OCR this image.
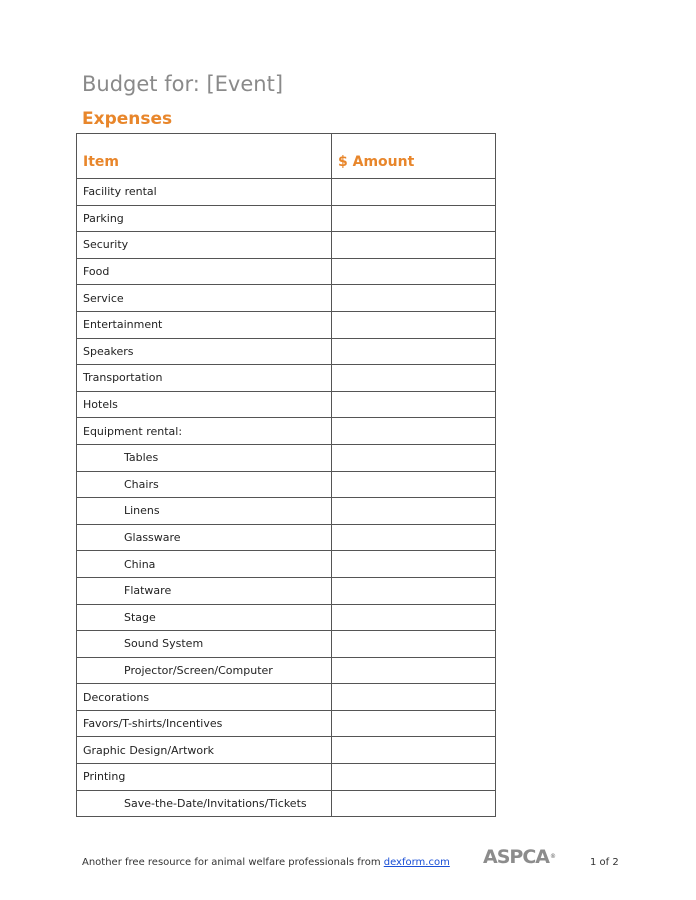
Budget for: [Event]
Expenses
Item	$ Amount
Facility rental	
Parking	
Security	
Food	
Service	
Entertainment	
Speakers	
Transportation	
Hotels	
Equipment rental:	
Tables	
Chairs	
Linens	
Glassware	
China	
Flatware	
Stage	
Sound System	
Projector/Screen/Computer	
Decorations	
Favors/T-shirts/Incentives	
Graphic Design/Artwork	
Printing	
Save-the-Date/Invitations/Tickets	
Another free resource for animal welfare professionals from dexform.com ASPCA®
1 of 2
